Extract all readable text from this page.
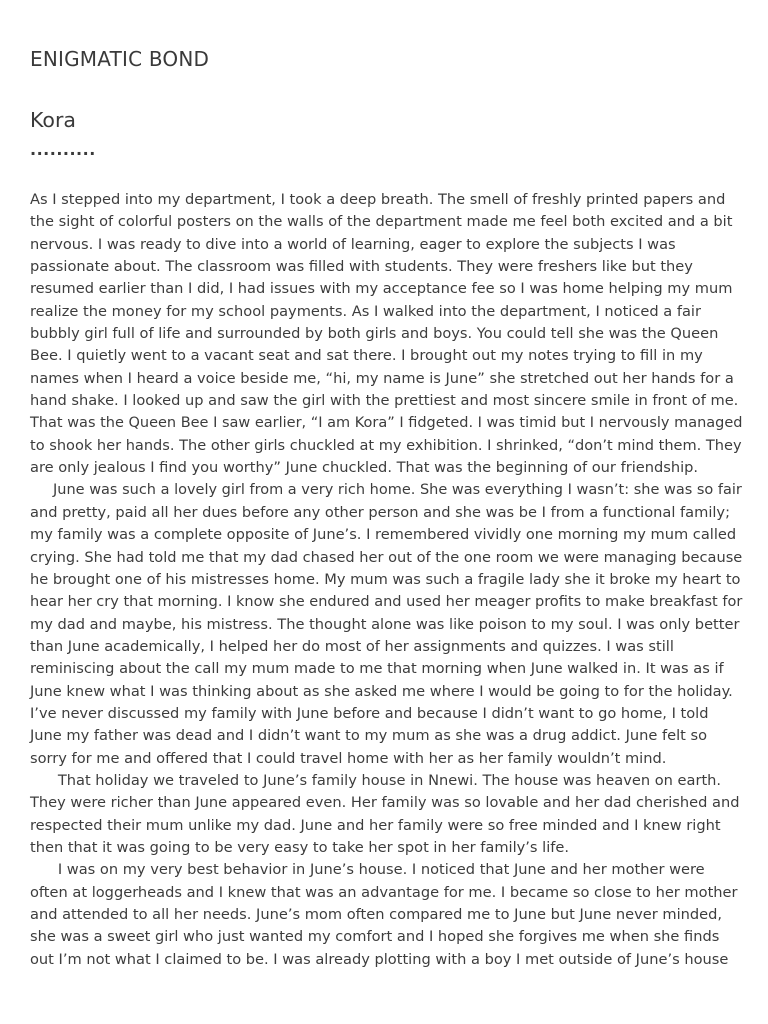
ENIGMATIC BOND
Kora
..........
As I stepped into my department, I took a deep breath. The smell of freshly printed papers and
the sight of colorful posters on the walls of the department made me feel both excited and a bit
nervous. I was ready to dive into a world of learning, eager to explore the subjects I was
passionate about. The classroom was filled with students. They were freshers like but they
resumed earlier than I did, I had issues with my acceptance fee so I was home helping my mum
realize the money for my school payments. As I walked into the department, I noticed a fair
bubbly girl full of life and surrounded by both girls and boys. You could tell she was the Queen
Bee. I quietly went to a vacant seat and sat there. I brought out my notes trying to fill in my
names when I heard a voice beside me, “hi, my name is June” she stretched out her hands for a
hand shake. I looked up and saw the girl with the prettiest and most sincere smile in front of me.
That was the Queen Bee I saw earlier, “I am Kora” I fidgeted. I was timid but I nervously managed
to shook her hands. The other girls chuckled at my exhibition. I shrinked, “don’t mind them. They
are only jealous I find you worthy” June chuckled. That was the beginning of our friendship.
June was such a lovely girl from a very rich home. She was everything I wasn’t: she was so fair
and pretty, paid all her dues before any other person and she was be I from a functional family;
my family was a complete opposite of June’s. I remembered vividly one morning my mum called
crying. She had told me that my dad chased her out of the one room we were managing because
he brought one of his mistresses home. My mum was such a fragile lady she it broke my heart to
hear her cry that morning. I know she endured and used her meager profits to make breakfast for
my dad and maybe, his mistress. The thought alone was like poison to my soul. I was only better
than June academically, I helped her do most of her assignments and quizzes. I was still
reminiscing about the call my mum made to me that morning when June walked in. It was as if
June knew what I was thinking about as she asked me where I would be going to for the holiday.
I’ve never discussed my family with June before and because I didn’t want to go home, I told
June my father was dead and I didn’t want to my mum as she was a drug addict. June felt so
sorry for me and offered that I could travel home with her as her family wouldn’t mind.
That holiday we traveled to June’s family house in Nnewi. The house was heaven on earth.
They were richer than June appeared even. Her family was so lovable and her dad cherished and
respected their mum unlike my dad. June and her family were so free minded and I knew right
then that it was going to be very easy to take her spot in her family’s life.
I was on my very best behavior in June’s house. I noticed that June and her mother were
often at loggerheads and I knew that was an advantage for me. I became so close to her mother
and attended to all her needs. June’s mom often compared me to June but June never minded,
she was a sweet girl who just wanted my comfort and I hoped she forgives me when she finds
out I’m not what I claimed to be. I was already plotting with a boy I met outside of June’s house
